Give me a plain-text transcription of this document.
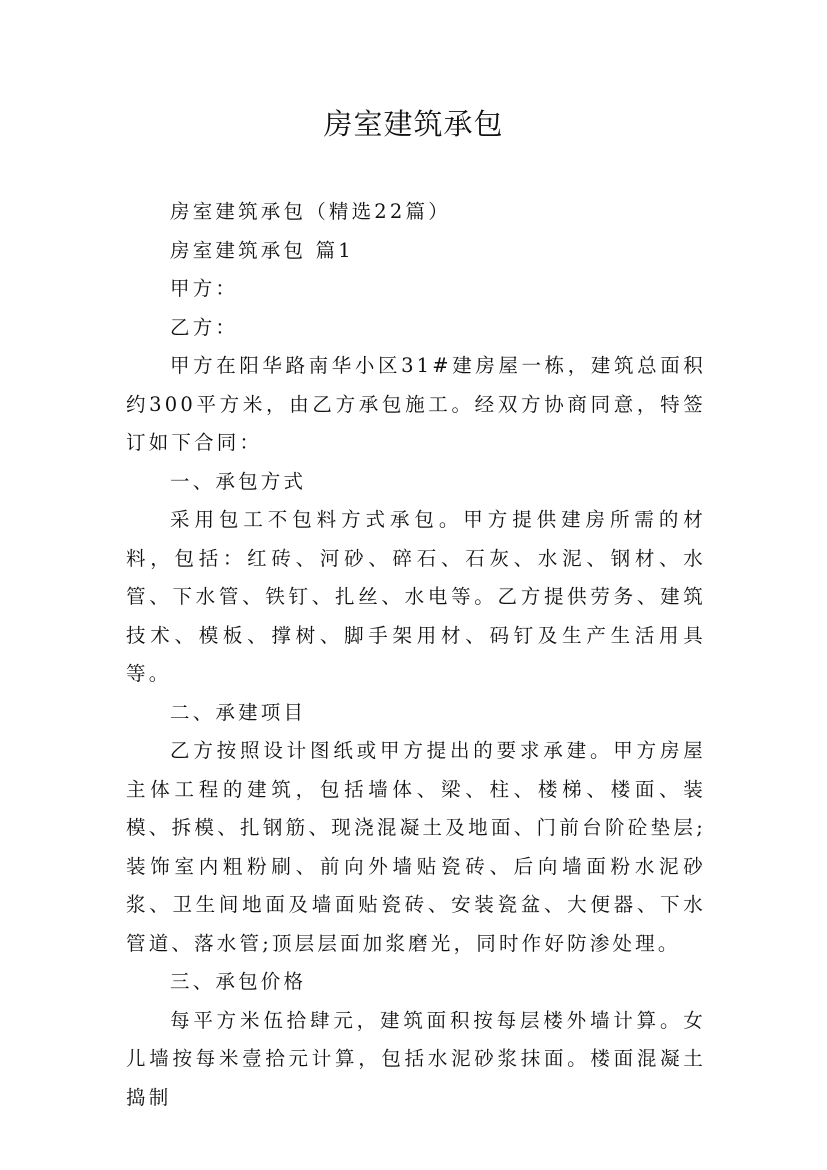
房室建筑承包

房室建筑承包（精选22篇）

房室建筑承包 篇1

甲方：

乙方：

甲方在阳华路南华小区31#建房屋一栋，建筑总面积约300平方米，由乙方承包施工。经双方协商同意，特签订如下合同：

一、承包方式

采用包工不包料方式承包。甲方提供建房所需的材料，包括：红砖、河砂、碎石、石灰、水泥、钢材、水管、下水管、铁钉、扎丝、水电等。乙方提供劳务、建筑技术、模板、撑树、脚手架用材、码钉及生产生活用具等。

二、承建项目

乙方按照设计图纸或甲方提出的要求承建。甲方房屋主体工程的建筑，包括墙体、梁、柱、楼梯、楼面、装模、拆模、扎钢筋、现浇混凝土及地面、门前台阶砼垫层;装饰室内粗粉刷、前向外墙贴瓷砖、后向墙面粉水泥砂浆、卫生间地面及墙面贴瓷砖、安装瓷盆、大便器、下水管道、落水管;顶层层面加浆磨光，同时作好防渗处理。

三、承包价格

每平方米伍拾肆元，建筑面积按每层楼外墙计算。女儿墙按每米壹拾元计算，包括水泥砂浆抹面。楼面混凝土捣制
